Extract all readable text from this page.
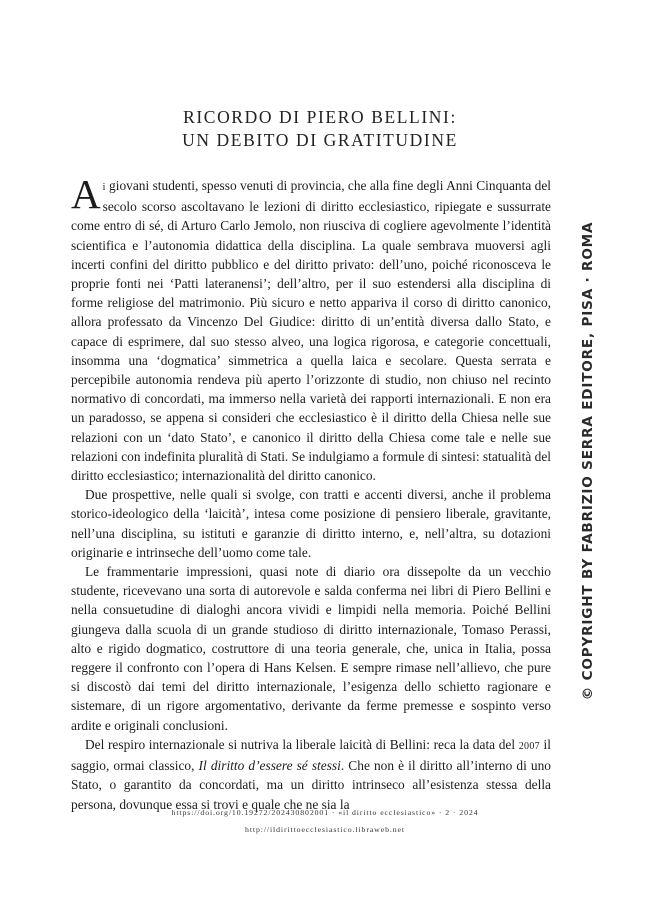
RICORDO DI PIERO BELLINI:
UN DEBITO DI GRATITUDINE

Ai giovani studenti, spesso venuti di provincia, che alla fine degli Anni Cinquanta del secolo scorso ascoltavano le lezioni di diritto ecclesiastico, ripiegate e sussurrate come entro di sé, di Arturo Carlo Jemolo, non riusciva di cogliere agevolmente l’identità scientifica e l’autonomia didattica della disciplina. La quale sembrava muoversi agli incerti confini del diritto pubblico e del diritto privato: dell’uno, poiché riconosceva le proprie fonti nei ‘Patti lateranensi’; dell’altro, per il suo estendersi alla disciplina di forme religiose del matrimonio. Più sicuro e netto appariva il corso di diritto canonico, allora professato da Vincenzo Del Giudice: diritto di un’entità diversa dallo Stato, e capace di esprimere, dal suo stesso alveo, una logica rigorosa, e categorie concettuali, insomma una ‘dogmatica’ simmetrica a quella laica e secolare. Questa serrata e percepibile autonomia rendeva più aperto l’orizzonte di studio, non chiuso nel recinto normativo di concordati, ma immerso nella varietà dei rapporti internazionali. E non era un paradosso, se appena si consideri che ecclesiastico è il diritto della Chiesa nelle sue relazioni con un ‘dato Stato’, e canonico il diritto della Chiesa come tale e nelle sue relazioni con indefinita pluralità di Stati. Se indulgiamo a formule di sintesi: statualità del diritto ecclesiastico; internazionalità del diritto canonico.

Due prospettive, nelle quali si svolge, con tratti e accenti diversi, anche il problema storico-ideologico della ‘laicità’, intesa come posizione di pensiero liberale, gravitante, nell’una disciplina, su istituti e garanzie di diritto interno, e, nell’altra, su dotazioni originarie e intrinseche dell’uomo come tale.

Le frammentarie impressioni, quasi note di diario ora dissepolte da un vecchio studente, ricevevano una sorta di autorevole e salda conferma nei libri di Piero Bellini e nella consuetudine di dialoghi ancora vividi e limpidi nella memoria. Poiché Bellini giungeva dalla scuola di un grande studioso di diritto internazionale, Tomaso Perassi, alto e rigido dogmatico, costruttore di una teoria generale, che, unica in Italia, possa reggere il confronto con l’opera di Hans Kelsen. E sempre rimase nell’allievo, che pure si discostò dai temi del diritto internazionale, l’esigenza dello schietto ragionare e sistemare, di un rigore argomentativo, derivante da ferme premesse e sospinto verso ardite e originali conclusioni.

Del respiro internazionale si nutriva la liberale laicità di Bellini: reca la data del 2007 il saggio, ormai classico, Il diritto d’essere sé stessi. Che non è il diritto all’interno di uno Stato, o garantito da concordati, ma un diritto intrinseco all’esistenza stessa della persona, dovunque essa si trovi e quale che ne sia la

https://doi.org/10.19272/202430802001 · «il diritto ecclesiastico» · 2 · 2024
http://ildirittoecclesiastico.libraweb.net
© COPYRIGHT BY FABRIZIO SERRA EDITORE, PISA · ROMA
